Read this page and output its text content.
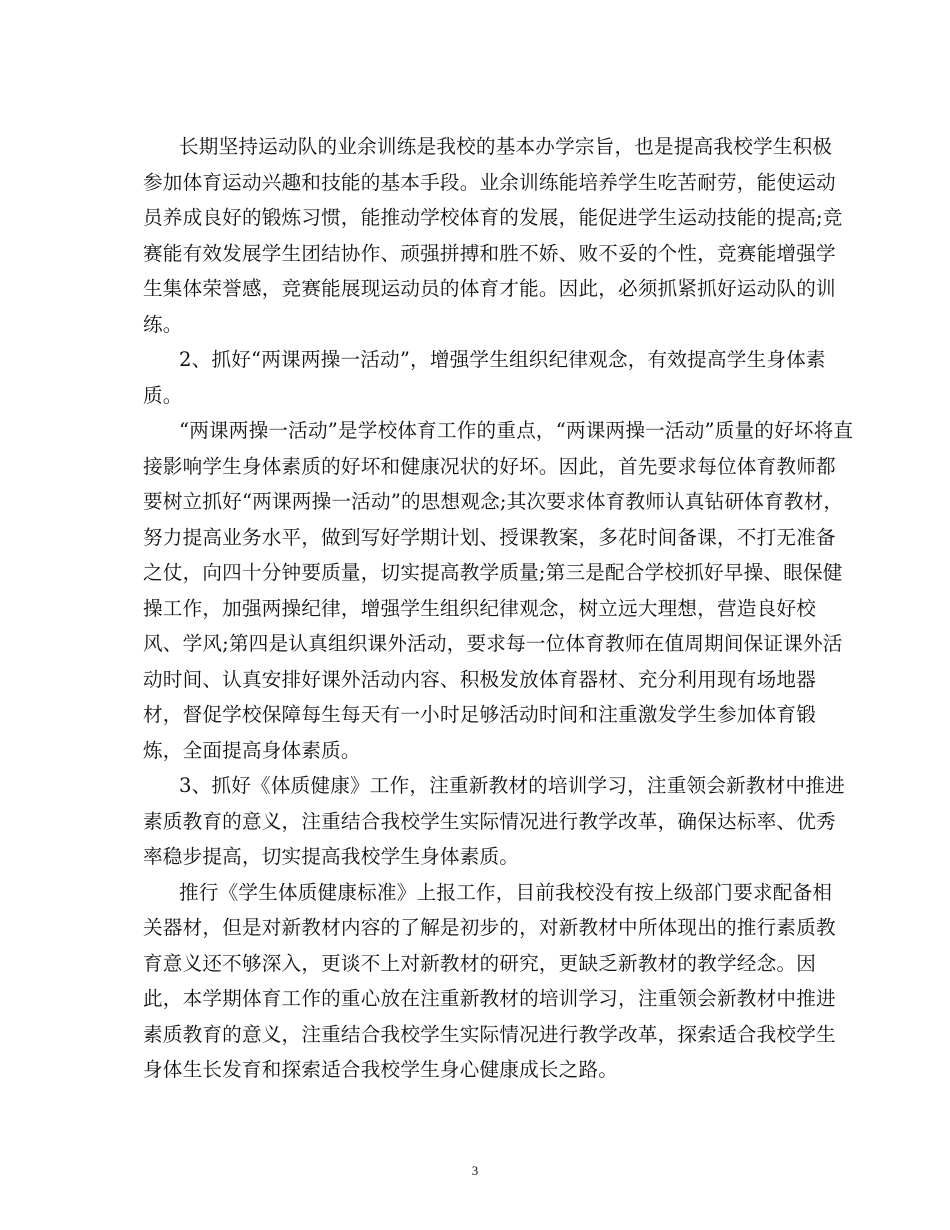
长期坚持运动队的业余训练是我校的基本办学宗旨，也是提高我校学生积极
参加体育运动兴趣和技能的基本手段。业余训练能培养学生吃苦耐劳，能使运动
员养成良好的锻炼习惯，能推动学校体育的发展，能促进学生运动技能的提高;竞
赛能有效发展学生团结协作、顽强拼搏和胜不娇、败不妥的个性，竞赛能增强学
生集体荣誉感，竞赛能展现运动员的体育才能。因此，必须抓紧抓好运动队的训
练。
2、抓好“两课两操一活动”，增强学生组织纪律观念，有效提高学生身体素
质。
“两课两操一活动”是学校体育工作的重点，“两课两操一活动”质量的好坏将直
接影响学生身体素质的好坏和健康况状的好坏。因此，首先要求每位体育教师都
要树立抓好“两课两操一活动”的思想观念;其次要求体育教师认真钻研体育教材，
努力提高业务水平，做到写好学期计划、授课教案，多花时间备课，不打无准备
之仗，向四十分钟要质量，切实提高教学质量;第三是配合学校抓好早操、眼保健
操工作，加强两操纪律，增强学生组织纪律观念，树立远大理想，营造良好校
风、学风;第四是认真组织课外活动，要求每一位体育教师在值周期间保证课外活
动时间、认真安排好课外活动内容、积极发放体育器材、充分利用现有场地器
材，督促学校保障每生每天有一小时足够活动时间和注重激发学生参加体育锻
炼，全面提高身体素质。
3、抓好《体质健康》工作，注重新教材的培训学习，注重领会新教材中推进
素质教育的意义，注重结合我校学生实际情况进行教学改革，确保达标率、优秀
率稳步提高，切实提高我校学生身体素质。
推行《学生体质健康标准》上报工作，目前我校没有按上级部门要求配备相
关器材，但是对新教材内容的了解是初步的，对新教材中所体现出的推行素质教
育意义还不够深入，更谈不上对新教材的研究，更缺乏新教材的教学经念。因
此，本学期体育工作的重心放在注重新教材的培训学习，注重领会新教材中推进
素质教育的意义，注重结合我校学生实际情况进行教学改革，探索适合我校学生
身体生长发育和探索适合我校学生身心健康成长之路。
3
